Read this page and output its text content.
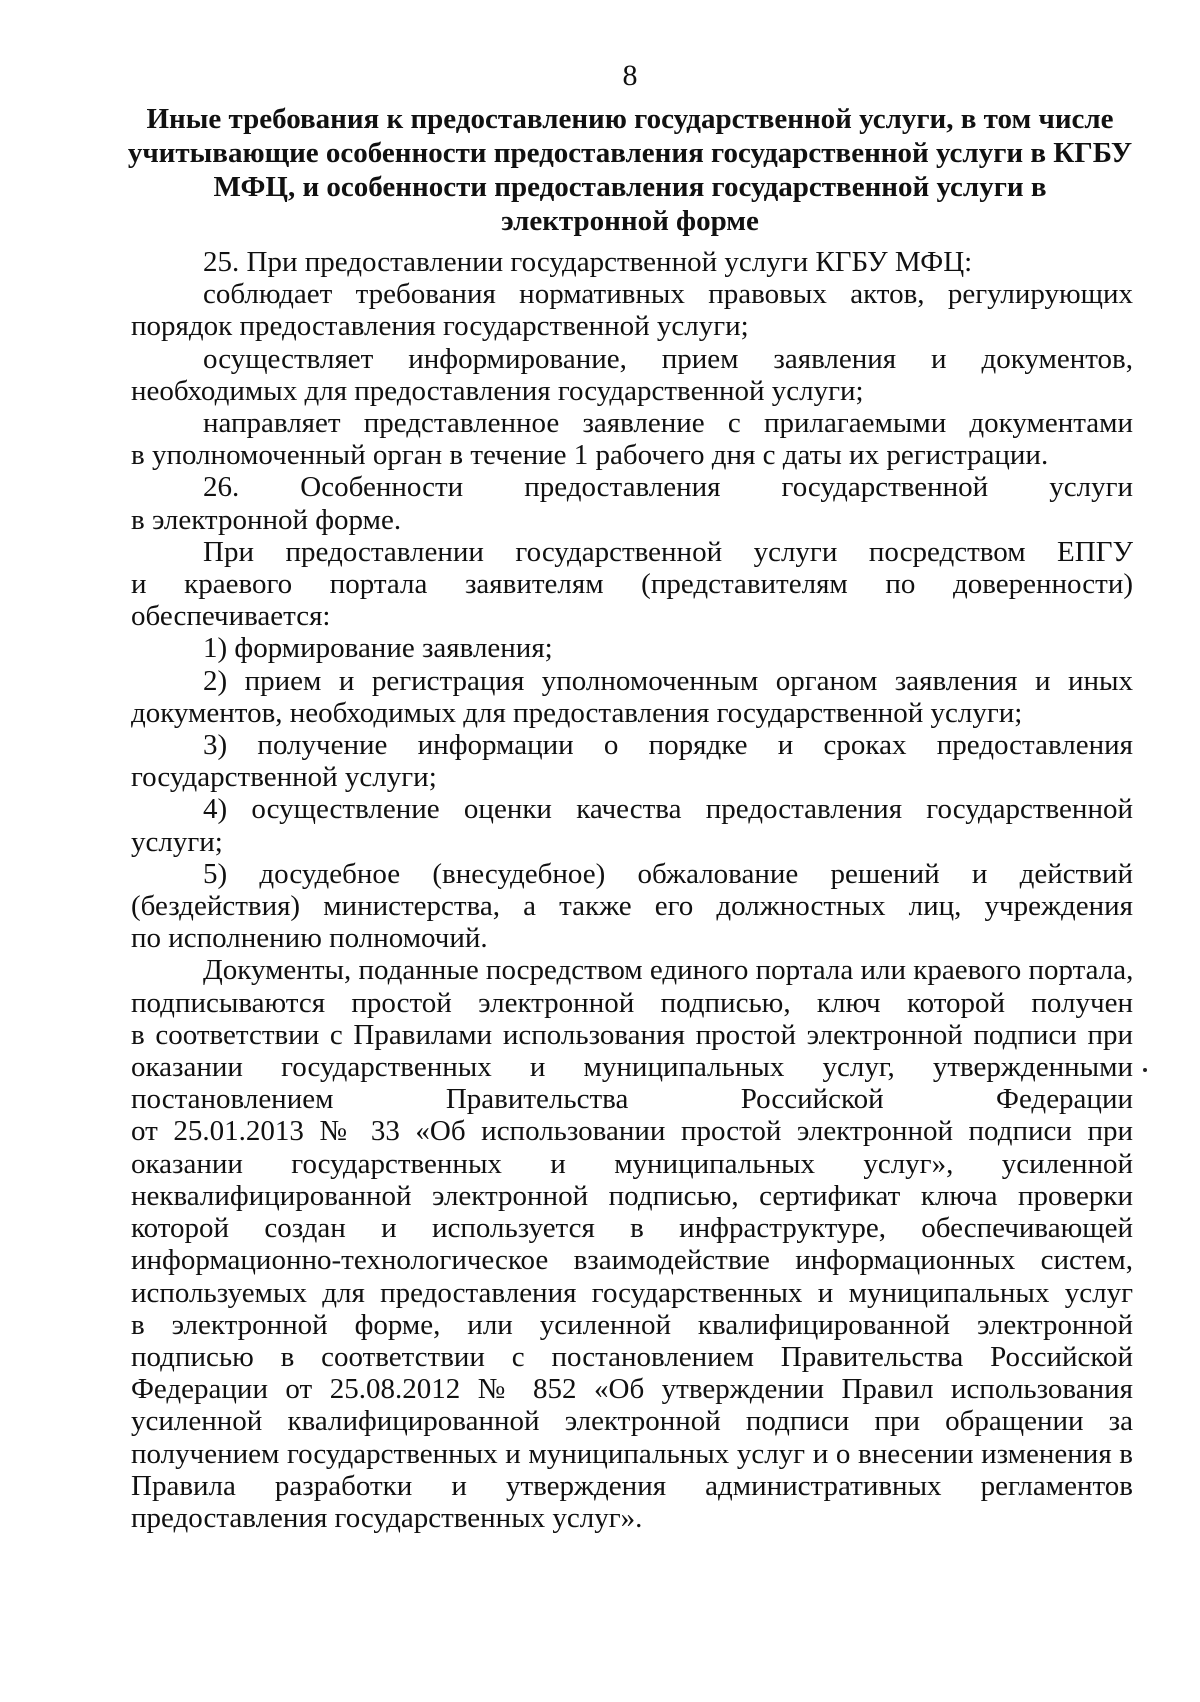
8
Иные требования к предоставлению государственной услуги, в том числе
учитывающие особенности предоставления государственной услуги в КГБУ
МФЦ, и особенности предоставления государственной услуги в
электронной форме
25. При предоставлении государственной услуги КГБУ МФЦ:
соблюдает требования нормативных правовых актов, регулирующих
порядок предоставления государственной услуги;
осуществляет информирование, прием заявления и документов,
необходимых для предоставления государственной услуги;
направляет представленное заявление с прилагаемыми документами
в уполномоченный орган в течение 1 рабочего дня с даты их регистрации.
26. Особенности предоставления государственной услуги
в электронной форме.
При предоставлении государственной услуги посредством ЕПГУ
и краевого портала заявителям (представителям по доверенности)
обеспечивается:
1) формирование заявления;
2) прием и регистрация уполномоченным органом заявления и иных
документов, необходимых для предоставления государственной услуги;
3) получение информации о порядке и сроках предоставления
государственной услуги;
4) осуществление оценки качества предоставления государственной
услуги;
5) досудебное (внесудебное) обжалование решений и действий
(бездействия) министерства, а также его должностных лиц, учреждения
по исполнению полномочий.
Документы, поданные посредством единого портала или краевого портала,
подписываются простой электронной подписью, ключ которой получен
в соответствии с Правилами использования простой электронной подписи при
оказании государственных и муниципальных услуг, утвержденными
постановлением Правительства Российской Федерации
от 25.01.2013 № 33 «Об использовании простой электронной подписи при
оказании государственных и муниципальных услуг», усиленной
неквалифицированной электронной подписью, сертификат ключа проверки
которой создан и используется в инфраструктуре, обеспечивающей
информационно-технологическое взаимодействие информационных систем,
используемых для предоставления государственных и муниципальных услуг
в электронной форме, или усиленной квалифицированной электронной
подписью в соответствии с постановлением Правительства Российской
Федерации от 25.08.2012 № 852 «Об утверждении Правил использования
усиленной квалифицированной электронной подписи при обращении за
получением государственных и муниципальных услуг и о внесении изменения в
Правила разработки и утверждения административных регламентов
предоставления государственных услуг».
